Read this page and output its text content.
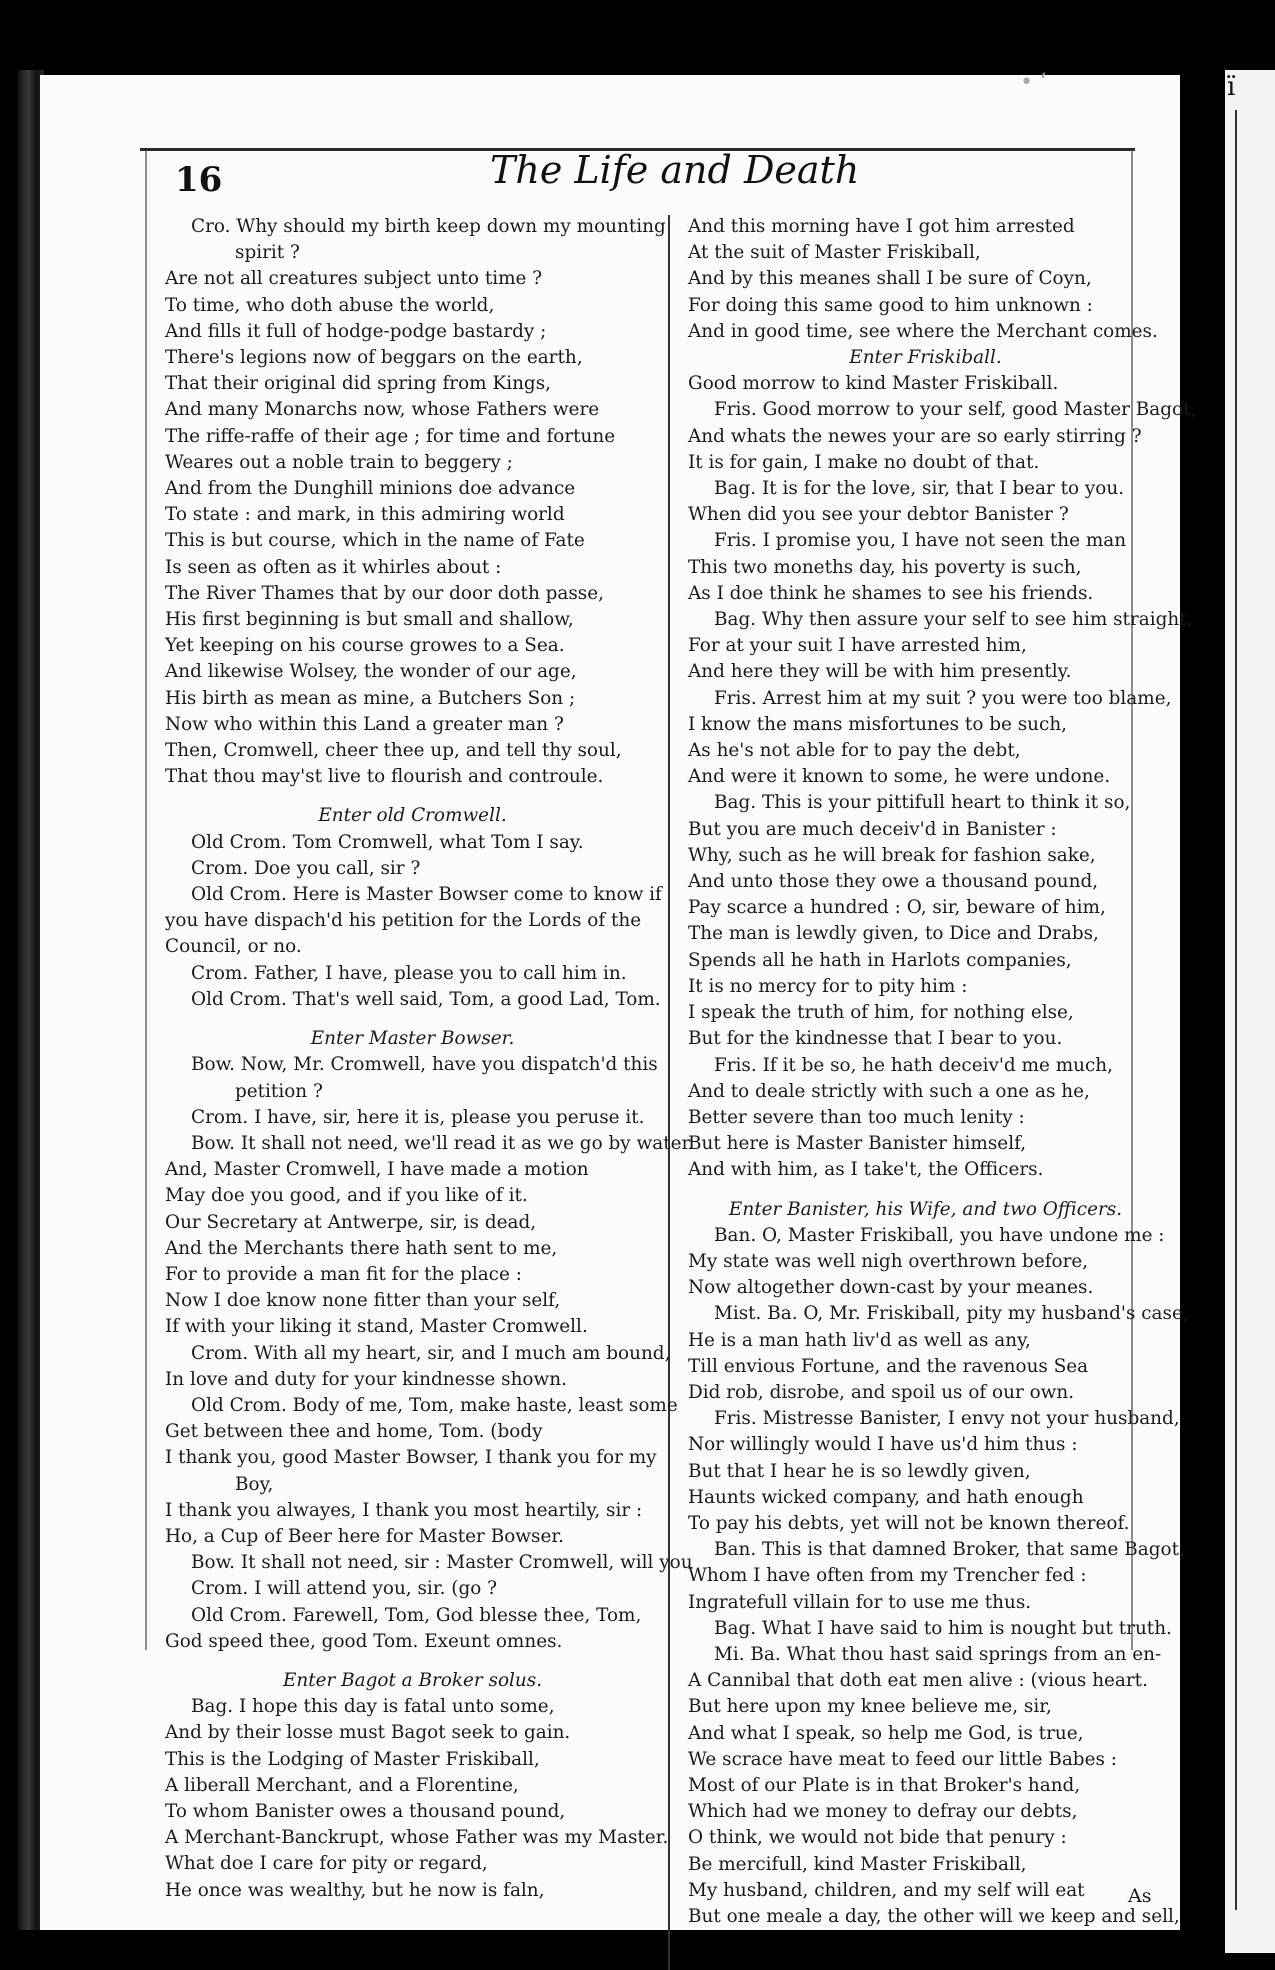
ï
• ‘
16	The Life and Death
Cro. Why should my birth keep down my mounting
spirit ?
Are not all creatures subject unto time ?
To time, who doth abuse the world,
And fills it full of hodge-podge bastardy ;
There's legions now of beggars on the earth,
That their original did spring from Kings,
And many Monarchs now, whose Fathers were
The riffe-raffe of their age ; for time and fortune
Weares out a noble train to beggery ;
And from the Dunghill minions doe advance
To state : and mark, in this admiring world
This is but course, which in the name of Fate
Is seen as often as it whirles about :
The River Thames that by our door doth passe,
His first beginning is but small and shallow,
Yet keeping on his course growes to a Sea.
And likewise Wolsey, the wonder of our age,
His birth as mean as mine, a Butchers Son ;
Now who within this Land a greater man ?
Then, Cromwell, cheer thee up, and tell thy soul,
That thou may'st live to flourish and controule.
Enter old Cromwell.
Old Crom. Tom Cromwell, what Tom I say.
Crom. Doe you call, sir ?
Old Crom. Here is Master Bowser come to know if
you have dispach'd his petition for the Lords of the
Council, or no.
Crom. Father, I have, please you to call him in.
Old Crom. That's well said, Tom, a good Lad, Tom.
Enter Master Bowser.
Bow. Now, Mr. Cromwell, have you dispatch'd this
petition ?
Crom. I have, sir, here it is, please you peruse it.
Bow. It shall not need, we'll read it as we go by water.
And, Master Cromwell, I have made a motion
May doe you good, and if you like of it.
Our Secretary at Antwerpe, sir, is dead,
And the Merchants there hath sent to me,
For to provide a man fit for the place :
Now I doe know none fitter than your self,
If with your liking it stand, Master Cromwell.
Crom. With all my heart, sir, and I much am bound,
In love and duty for your kindnesse shown.
Old Crom. Body of me, Tom, make haste, least some
Get between thee and home, Tom. (body
I thank you, good Master Bowser, I thank you for my
Boy,
I thank you alwayes, I thank you most heartily, sir :
Ho, a Cup of Beer here for Master Bowser.
Bow. It shall not need, sir : Master Cromwell, will you
Crom. I will attend you, sir. (go ?
Old Crom. Farewell, Tom, God blesse thee, Tom,
God speed thee, good Tom. Exeunt omnes.
Enter Bagot a Broker solus.
Bag. I hope this day is fatal unto some,
And by their losse must Bagot seek to gain.
This is the Lodging of Master Friskiball,
A liberall Merchant, and a Florentine,
To whom Banister owes a thousand pound,
A Merchant-Banckrupt, whose Father was my Master.
What doe I care for pity or regard,
He once was wealthy, but he now is faln,
And this morning have I got him arrested
At the suit of Master Friskiball,
And by this meanes shall I be sure of Coyn,
For doing this same good to him unknown :
And in good time, see where the Merchant comes.
Enter Friskiball.
Good morrow to kind Master Friskiball.
Fris. Good morrow to your self, good Master Bagot,
And whats the newes your are so early stirring ?
It is for gain, I make no doubt of that.
Bag. It is for the love, sir, that I bear to you.
When did you see your debtor Banister ?
Fris. I promise you, I have not seen the man
This two moneths day, his poverty is such,
As I doe think he shames to see his friends.
Bag. Why then assure your self to see him straight,
For at your suit I have arrested him,
And here they will be with him presently.
Fris. Arrest him at my suit ? you were too blame,
I know the mans misfortunes to be such,
As he's not able for to pay the debt,
And were it known to some, he were undone.
Bag. This is your pittifull heart to think it so,
But you are much deceiv'd in Banister :
Why, such as he will break for fashion sake,
And unto those they owe a thousand pound,
Pay scarce a hundred : O, sir, beware of him,
The man is lewdly given, to Dice and Drabs,
Spends all he hath in Harlots companies,
It is no mercy for to pity him :
I speak the truth of him, for nothing else,
But for the kindnesse that I bear to you.
Fris. If it be so, he hath deceiv'd me much,
And to deale strictly with such a one as he,
Better severe than too much lenity :
But here is Master Banister himself,
And with him, as I take't, the Officers.
Enter Banister, his Wife, and two Officers.
Ban. O, Master Friskiball, you have undone me :
My state was well nigh overthrown before,
Now altogether down-cast by your meanes.
Mist. Ba. O, Mr. Friskiball, pity my husband's case,
He is a man hath liv'd as well as any,
Till envious Fortune, and the ravenous Sea
Did rob, disrobe, and spoil us of our own.
Fris. Mistresse Banister, I envy not your husband,
Nor willingly would I have us'd him thus :
But that I hear he is so lewdly given,
Haunts wicked company, and hath enough
To pay his debts, yet will not be known thereof.
Ban. This is that damned Broker, that same Bagot,
Whom I have often from my Trencher fed :
Ingratefull villain for to use me thus.
Bag. What I have said to him is nought but truth.
Mi. Ba. What thou hast said springs from an en-
A Cannibal that doth eat men alive : (vious heart.
But here upon my knee believe me, sir,
And what I speak, so help me God, is true,
We scrace have meat to feed our little Babes :
Most of our Plate is in that Broker's hand,
Which had we money to defray our debts,
O think, we would not bide that penury :
Be mercifull, kind Master Friskiball,
My husband, children, and my self will eat
But one meale a day, the other will we keep and sell,
As
